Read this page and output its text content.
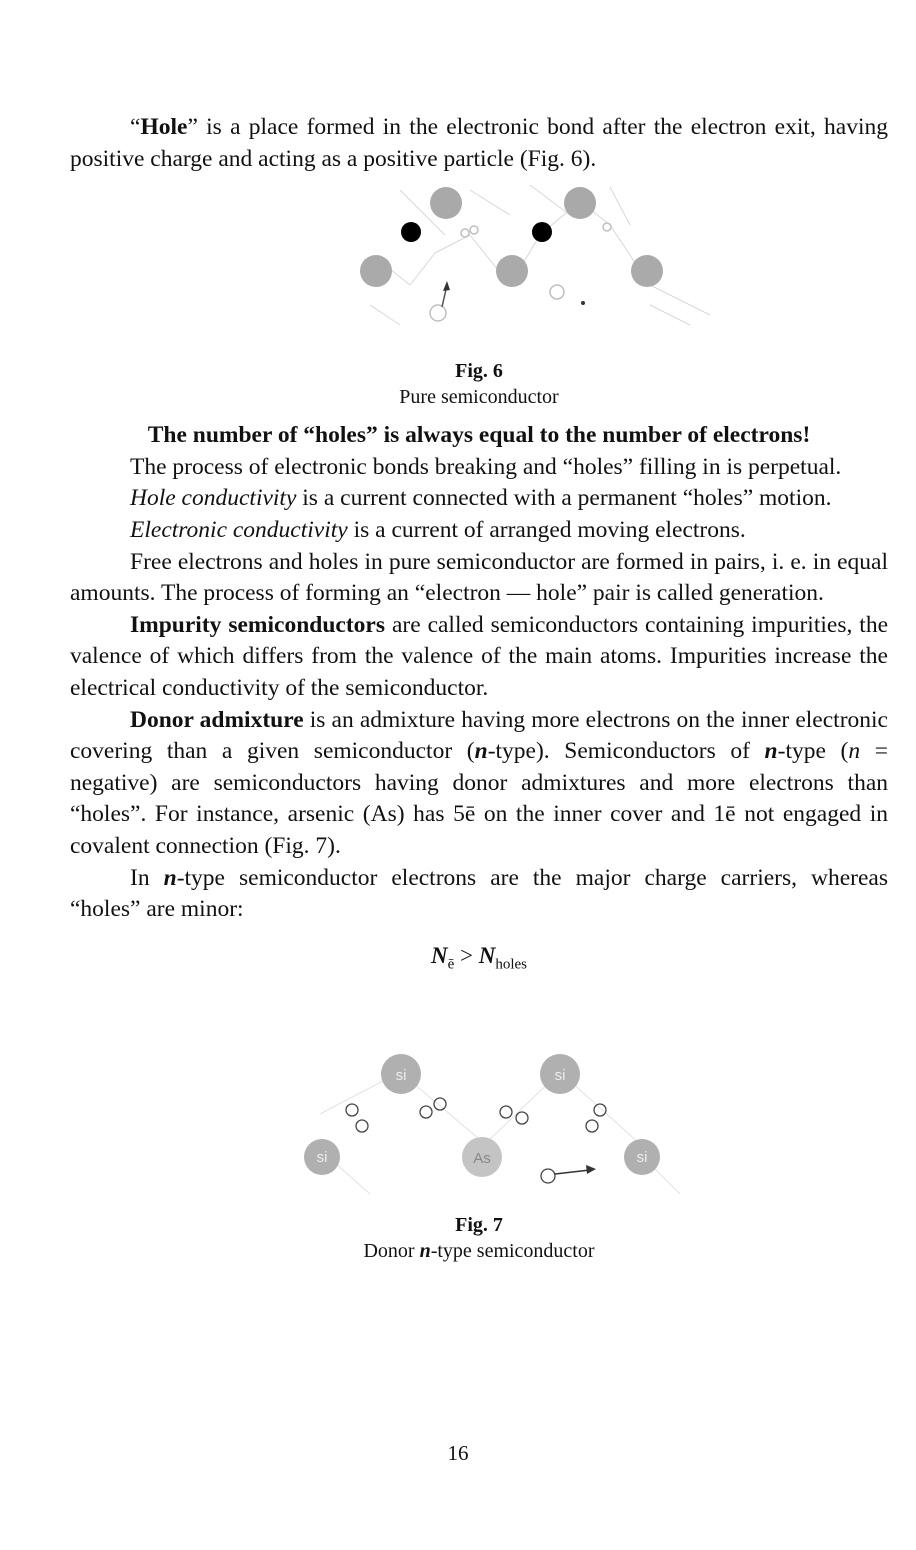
“Hole” is a place formed in the electronic bond after the electron exit, having positive charge and acting as a positive particle (Fig. 6).

Fig. 6
Pure semiconductor

The number of “holes” is always equal to the number of electrons!

The process of electronic bonds breaking and “holes” filling in is perpetual.

Hole conductivity is a current connected with a permanent “holes” motion.

Electronic conductivity is a current of arranged moving electrons.

Free electrons and holes in pure semiconductor are formed in pairs, i. e. in equal amounts. The process of forming an “electron — hole” pair is called generation.

Impurity semiconductors are called semiconductors containing impurities, the valence of which differs from the valence of the main atoms. Impurities increase the electrical conductivity of the semiconductor.

Donor admixture is an admixture having more electrons on the inner electronic covering than a given semiconductor (n-type). Semiconductors of n-type (n = negative) are semiconductors having donor admixtures and more electrons than “holes”. For instance, arsenic (As) has 5ē on the inner cover and 1ē not engaged in covalent connection (Fig. 7).

In n-type semiconductor electrons are the major charge carriers, whereas “holes” are minor:

$N_ē > N_{holes}$
si	si
si	As	si
Fig. 7
Donor n-type semiconductor
16
